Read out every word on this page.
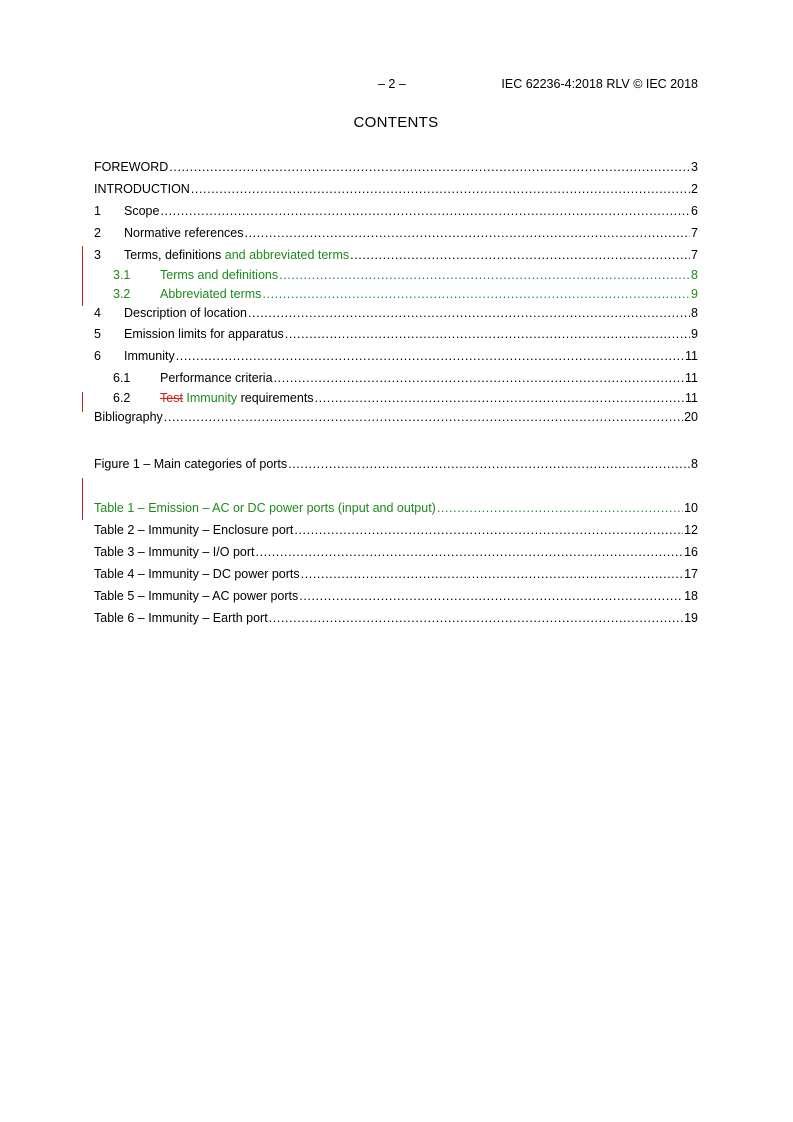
– 2 –	IEC 62236-4:2018 RLV © IEC 2018
CONTENTS
FOREWORD .....	3
INTRODUCTION .....	2
1	Scope .....	6
2	Normative references .....	7
3	Terms, definitions and abbreviated terms .....	7
3.1	Terms and definitions .....	8
3.2	Abbreviated terms .....	9
4	Description of location .....	8
5	Emission limits for apparatus .....	9
6	Immunity .....	11
6.1	Performance criteria .....	11
6.2	Test Immunity requirements .....	11
Bibliography .....	20
Figure 1 – Main categories of ports .....	8
Table 1 – Emission – AC or DC power ports (input and output) .....	10
Table 2 – Immunity – Enclosure port .....	12
Table 3 – Immunity – I/O port .....	16
Table 4 – Immunity – DC power ports .....	17
Table 5 – Immunity – AC power ports .....	18
Table 6 – Immunity – Earth port .....	19
